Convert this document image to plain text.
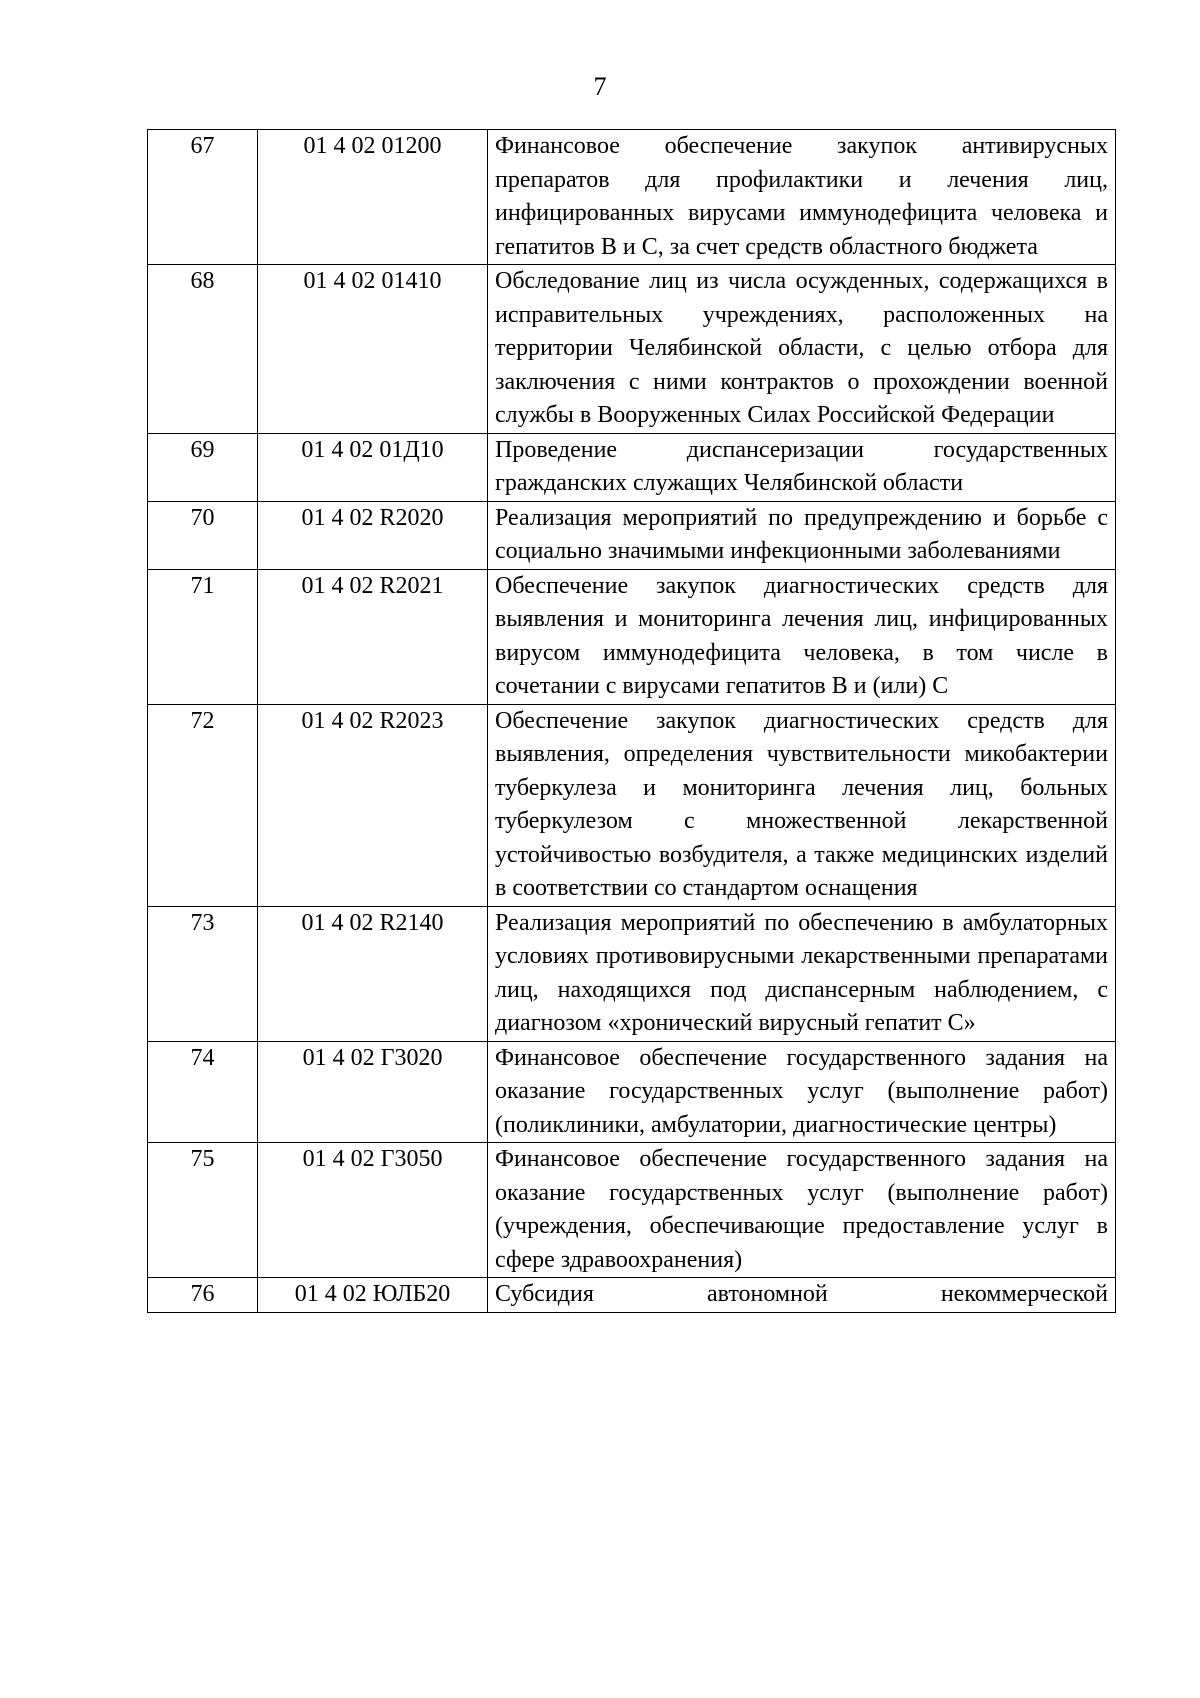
7
67	01 4 02 01200	Финансовое обеспечение закупок антивирусных препаратов для профилактики и лечения лиц, инфицированных вирусами иммунодефицита человека и гепатитов B и C, за счет средств областного бюджета
68	01 4 02 01410	Обследование лиц из числа осужденных, содержащихся в исправительных учреждениях, расположенных на территории Челябинской области, с целью отбора для заключения с ними контрактов о прохождении военной службы в Вооруженных Силах Российской Федерации
69	01 4 02 01Д10	Проведение диспансеризации государственных гражданских служащих Челябинской области
70	01 4 02 R2020	Реализация мероприятий по предупреждению и борьбе с социально значимыми инфекционными заболеваниями
71	01 4 02 R2021	Обеспечение закупок диагностических средств для выявления и мониторинга лечения лиц, инфицированных вирусом иммунодефицита человека, в том числе в сочетании с вирусами гепатитов B и (или) C
72	01 4 02 R2023	Обеспечение закупок диагностических средств для выявления, определения чувствительности микобактерии туберкулеза и мониторинга лечения лиц, больных туберкулезом с множественной лекарственной устойчивостью возбудителя, а также медицинских изделий в соответствии со стандартом оснащения
73	01 4 02 R2140	Реализация мероприятий по обеспечению в амбулаторных условиях противовирусными лекарственными препаратами лиц, находящихся под диспансерным наблюдением, с диагнозом «хронический вирусный гепатит C»
74	01 4 02 Г3020	Финансовое обеспечение государственного задания на оказание государственных услуг (выполнение работ) (поликлиники, амбулатории, диагностические центры)
75	01 4 02 Г3050	Финансовое обеспечение государственного задания на оказание государственных услуг (выполнение работ) (учреждения, обеспечивающие предоставление услуг в сфере здравоохранения)
76	01 4 02 ЮЛБ20	Субсидия автономной некоммерческой
